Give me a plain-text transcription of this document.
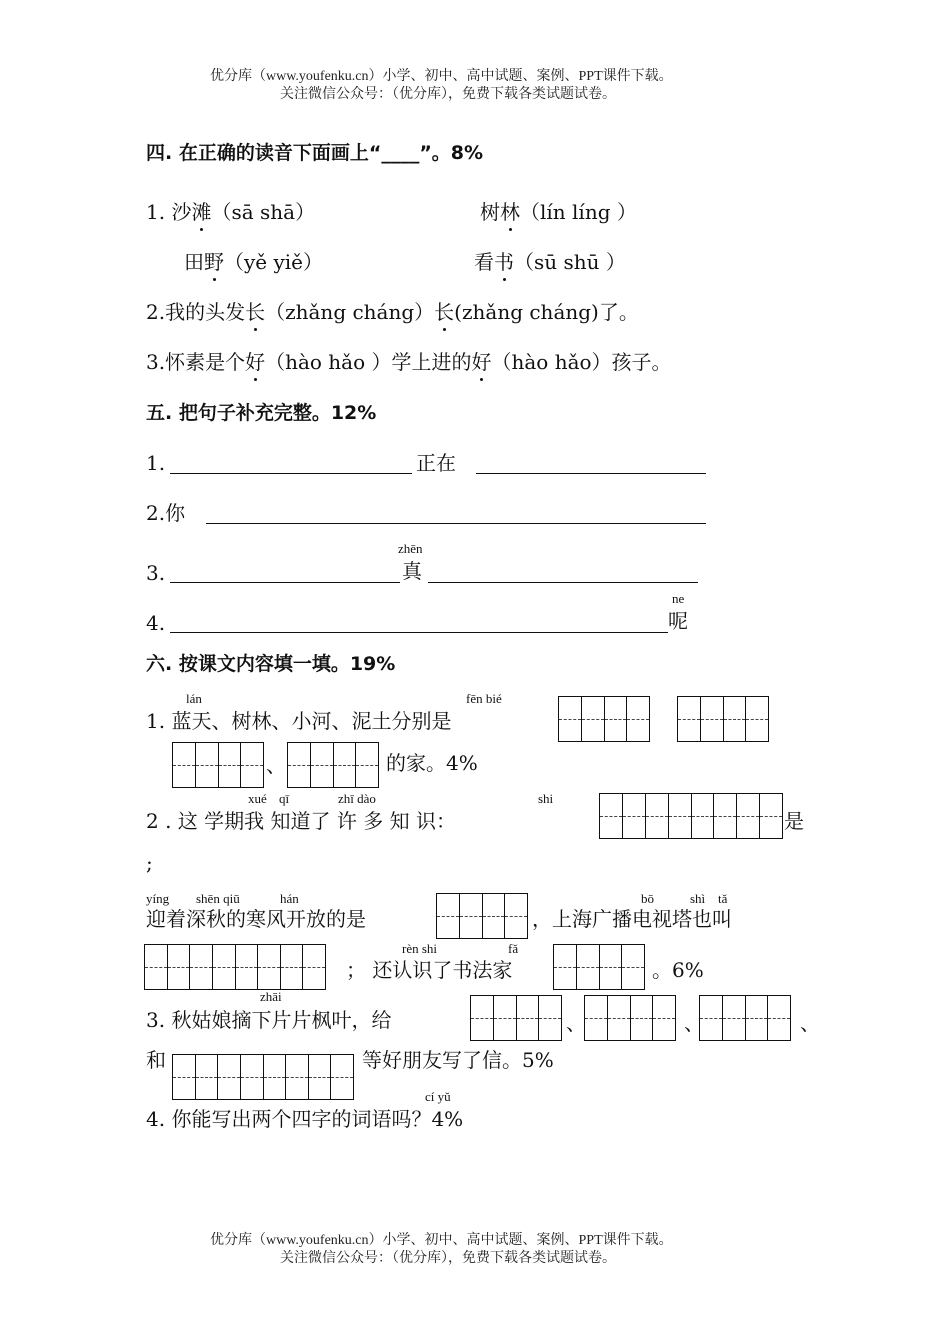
优分库（www.youfenku.cn）小学、初中、高中试题、案例、PPT课件下载。
关注微信公众号：（优分库），免费下载各类试题试卷。
四. 在正确的读音下面画上“____”。8%
1. 沙滩（sā shā）	树林（lín líng ）
田野（yě yiě）	看书（sū shū ）
2.我的头发长（zhǎng cháng）长(zhǎng cháng)了。
3.怀素是个好（hào hǎo ）学上进的好（hào hǎo）孩子。
五. 把句子补充完整。12%
1.	正在
2.你
zhēn
3.	真
ne
4.	呢
六. 按课文内容填一填。19%
lán	fēn bié
1. 蓝天、树林、小河、泥土分别是
、	的家。4%
xué qī	zhī dào	shi
2 . 这 学期我 知道了 许 多 知 识：	是
;
yíng shēn qiū	hán	bō	shì tǎ
迎着深秋的寒风开放的是	，上海广播电视塔也叫
rèn shi	fǎ
； 还认识了书法家	。6%
zhāi
3. 秋姑娘摘下片片枫叶，给	、	、	、
和	等好朋友写了信。5%
cí yǔ
4. 你能写出两个四字的词语吗？4%
优分库（www.youfenku.cn）小学、初中、高中试题、案例、PPT课件下载。
关注微信公众号：（优分库），免费下载各类试题试卷。
